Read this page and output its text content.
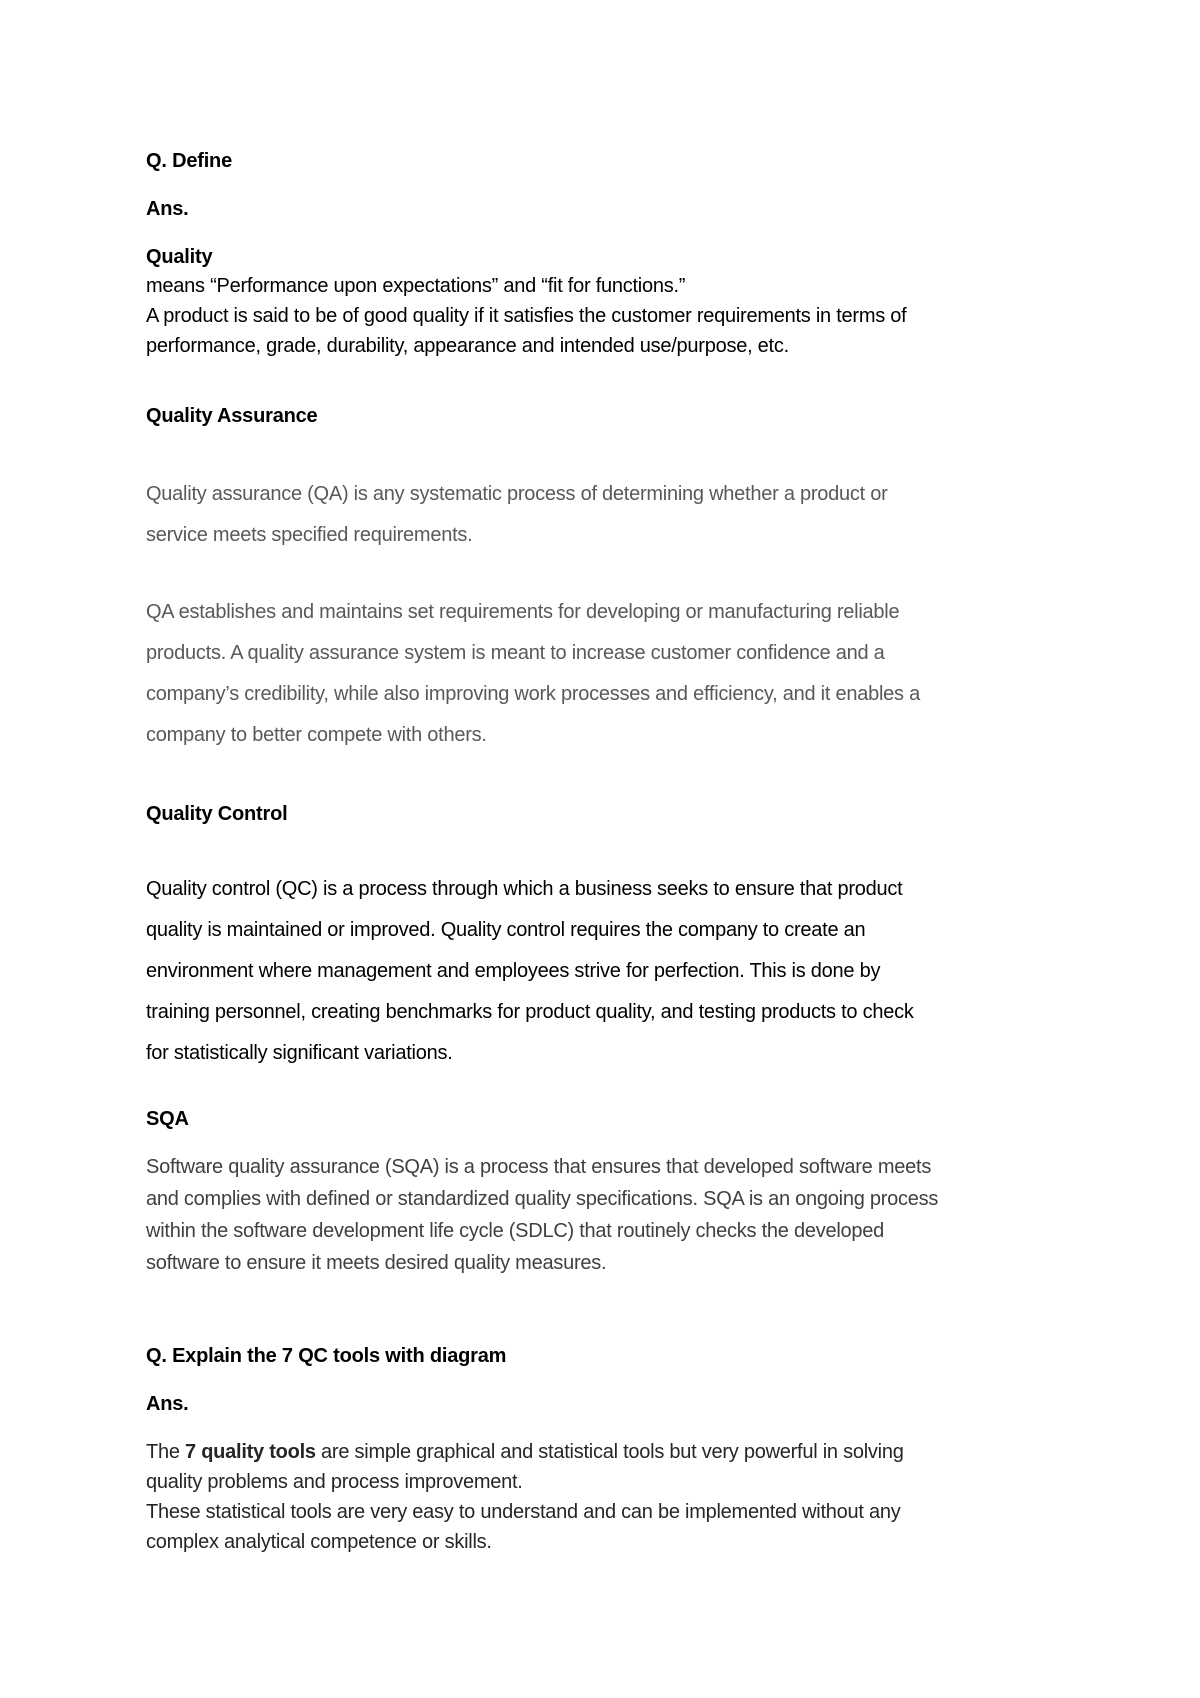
Q. Define

Ans.

Quality

means “Performance upon expectations” and “fit for functions.”

A product is said to be of good quality if it satisfies the customer requirements in terms of

performance, grade, durability, appearance and intended use/purpose, etc.

Quality Assurance

Quality assurance (QA) is any systematic process of determining whether a product or

service meets specified requirements.

QA establishes and maintains set requirements for developing or manufacturing reliable

products. A quality assurance system is meant to increase customer confidence and a

company’s credibility, while also improving work processes and efficiency, and it enables a

company to better compete with others.

Quality Control

Quality control (QC) is a process through which a business seeks to ensure that product

quality is maintained or improved. Quality control requires the company to create an

environment where management and employees strive for perfection. This is done by

training personnel, creating benchmarks for product quality, and testing products to check

for statistically significant variations.

SQA

Software quality assurance (SQA) is a process that ensures that developed software meets

and complies with defined or standardized quality specifications. SQA is an ongoing process

within the software development life cycle (SDLC) that routinely checks the developed

software to ensure it meets desired quality measures.

Q. Explain the 7 QC tools with diagram

Ans.

The 7 quality tools are simple graphical and statistical tools but very powerful in solving

quality problems and process improvement.

These statistical tools are very easy to understand and can be implemented without any

complex analytical competence or skills.
